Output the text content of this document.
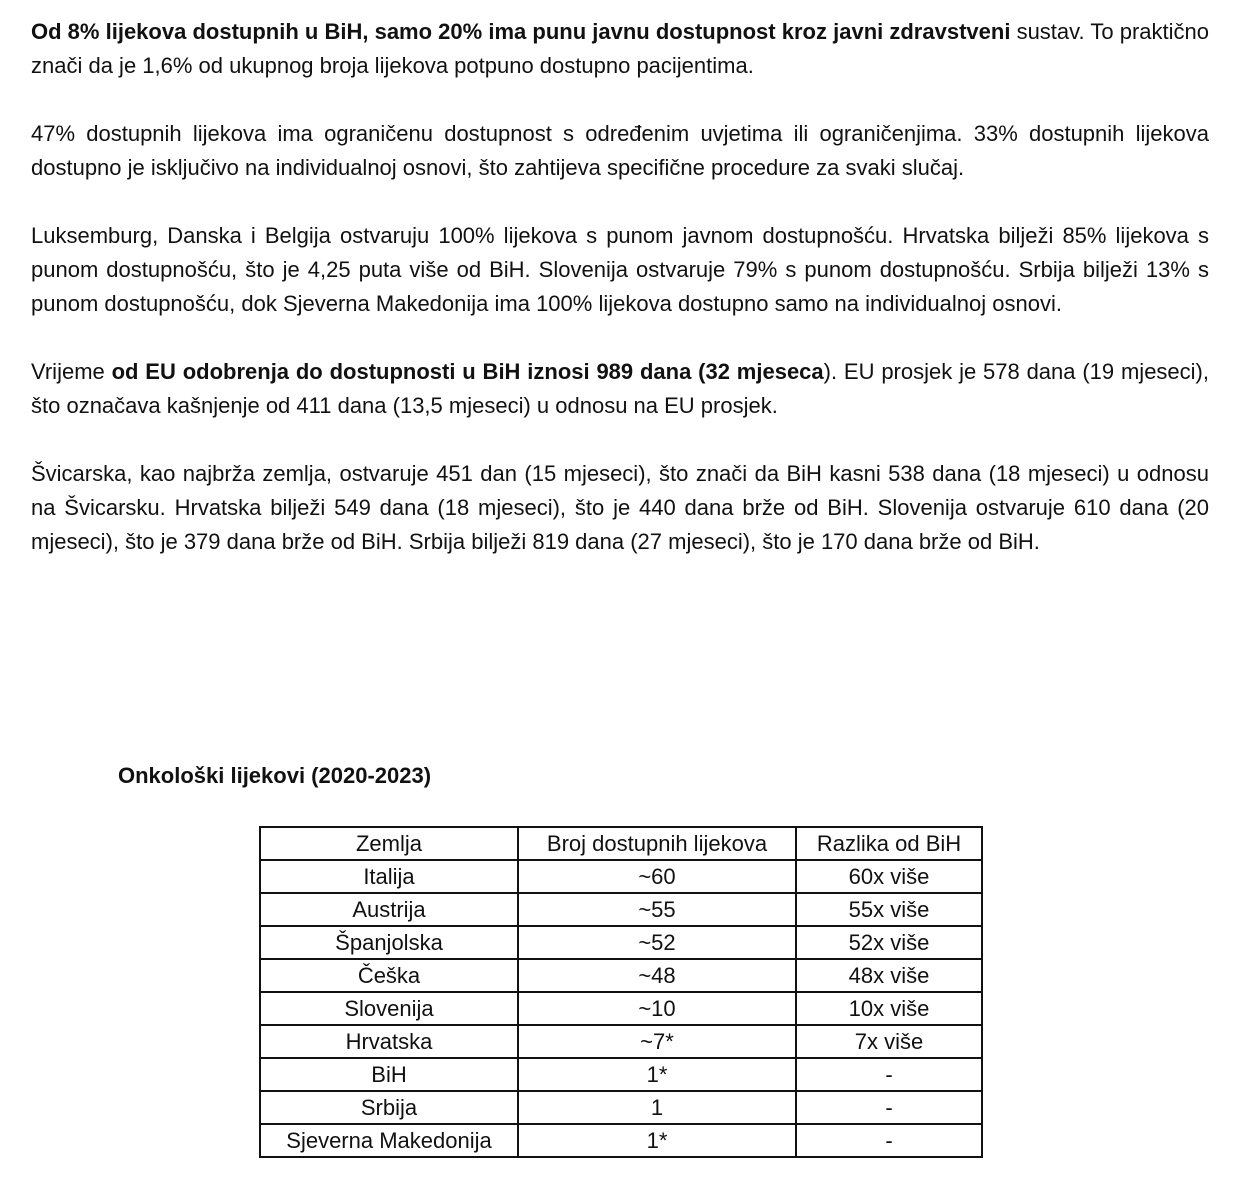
Od 8% lijekova dostupnih u BiH, samo 20% ima punu javnu dostupnost kroz javni zdravstveni sustav. To praktično znači da je 1,6% od ukupnog broja lijekova potpuno dostupno pacijentima.

47% dostupnih lijekova ima ograničenu dostupnost s određenim uvjetima ili ograničenjima. 33% dostupnih lijekova dostupno je isključivo na individualnoj osnovi, što zahtijeva specifične procedure za svaki slučaj.

Luksemburg, Danska i Belgija ostvaruju 100% lijekova s punom javnom dostupnošću. Hrvatska bilježi 85% lijekova s punom dostupnošću, što je 4,25 puta više od BiH. Slovenija ostvaruje 79% s punom dostupnošću. Srbija bilježi 13% s punom dostupnošću, dok Sjeverna Makedonija ima 100% lijekova dostupno samo na individualnoj osnovi.

Vrijeme od EU odobrenja do dostupnosti u BiH iznosi 989 dana (32 mjeseca). EU prosjek je 578 dana (19 mjeseci), što označava kašnjenje od 411 dana (13,5 mjeseci) u odnosu na EU prosjek.

Švicarska, kao najbrža zemlja, ostvaruje 451 dan (15 mjeseci), što znači da BiH kasni 538 dana (18 mjeseci) u odnosu na Švicarsku. Hrvatska bilježi 549 dana (18 mjeseci), što je 440 dana brže od BiH. Slovenija ostvaruje 610 dana (20 mjeseci), što je 379 dana brže od BiH. Srbija bilježi 819 dana (27 mjeseci), što je 170 dana brže od BiH.

Onkološki lijekovi (2020-2023)
Zemlja	Broj dostupnih lijekova	Razlika od BiH
Italija	~60	60x više
Austrija	~55	55x više
Španjolska	~52	52x više
Češka	~48	48x više
Slovenija	~10	10x više
Hrvatska	~7*	7x više
BiH	1*	-
Srbija	1	-
Sjeverna Makedonija	1*	-
